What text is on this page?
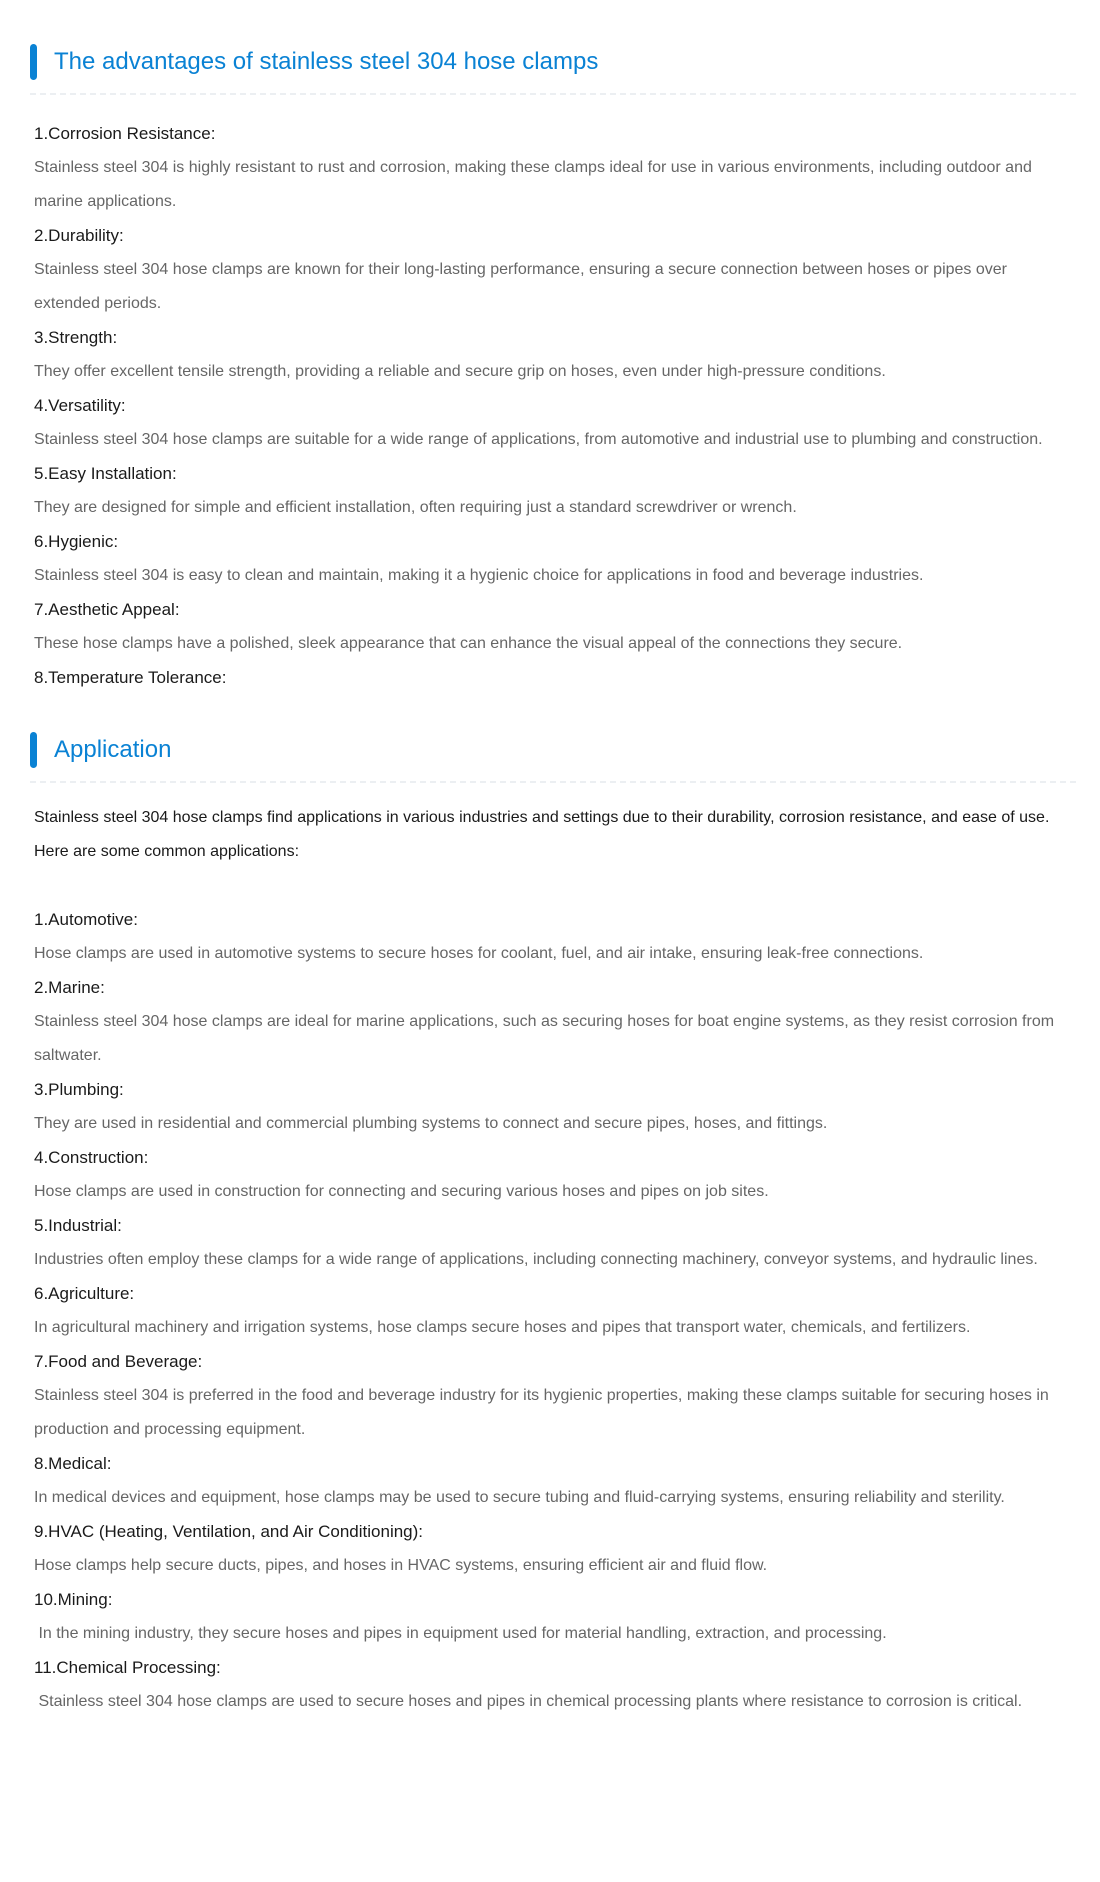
The advantages of stainless steel 304 hose clamps
1.Corrosion Resistance:
Stainless steel 304 is highly resistant to rust and corrosion, making these clamps ideal for use in various environments, including outdoor and marine applications.
2.Durability:
Stainless steel 304 hose clamps are known for their long-lasting performance, ensuring a secure connection between hoses or pipes over extended periods.
3.Strength:
They offer excellent tensile strength, providing a reliable and secure grip on hoses, even under high-pressure conditions.
4.Versatility:
Stainless steel 304 hose clamps are suitable for a wide range of applications, from automotive and industrial use to plumbing and construction.
5.Easy Installation:
They are designed for simple and efficient installation, often requiring just a standard screwdriver or wrench.
6.Hygienic:
Stainless steel 304 is easy to clean and maintain, making it a hygienic choice for applications in food and beverage industries.
7.Aesthetic Appeal:
These hose clamps have a polished, sleek appearance that can enhance the visual appeal of the connections they secure.
8.Temperature Tolerance:
Application
Stainless steel 304 hose clamps find applications in various industries and settings due to their durability, corrosion resistance, and ease of use. Here are some common applications:
1.Automotive:
Hose clamps are used in automotive systems to secure hoses for coolant, fuel, and air intake, ensuring leak-free connections.
2.Marine:
Stainless steel 304 hose clamps are ideal for marine applications, such as securing hoses for boat engine systems, as they resist corrosion from saltwater.
3.Plumbing:
They are used in residential and commercial plumbing systems to connect and secure pipes, hoses, and fittings.
4.Construction:
Hose clamps are used in construction for connecting and securing various hoses and pipes on job sites.
5.Industrial:
Industries often employ these clamps for a wide range of applications, including connecting machinery, conveyor systems, and hydraulic lines.
6.Agriculture:
In agricultural machinery and irrigation systems, hose clamps secure hoses and pipes that transport water, chemicals, and fertilizers.
7.Food and Beverage:
Stainless steel 304 is preferred in the food and beverage industry for its hygienic properties, making these clamps suitable for securing hoses in production and processing equipment.
8.Medical:
In medical devices and equipment, hose clamps may be used to secure tubing and fluid-carrying systems, ensuring reliability and sterility.
9.HVAC (Heating, Ventilation, and Air Conditioning):
Hose clamps help secure ducts, pipes, and hoses in HVAC systems, ensuring efficient air and fluid flow.
10.Mining:
In the mining industry, they secure hoses and pipes in equipment used for material handling, extraction, and processing.
11.Chemical Processing:
Stainless steel 304 hose clamps are used to secure hoses and pipes in chemical processing plants where resistance to corrosion is critical.
